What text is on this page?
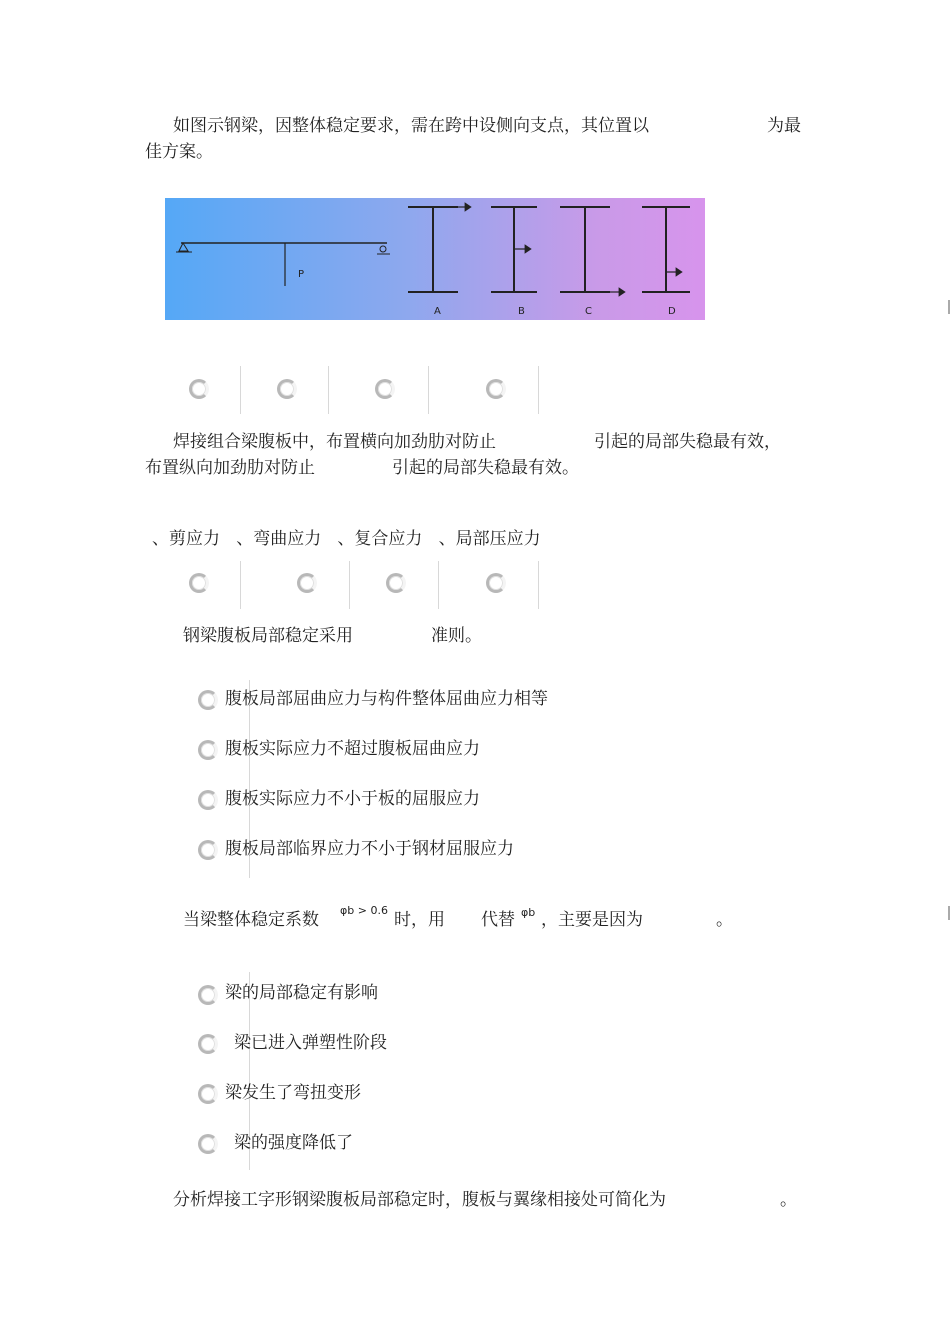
如图示钢梁，因整体稳定要求，需在跨中设侧向支点，其位置以	为最
佳方案。
P
A	B	C	D
焊接组合梁腹板中，布置横向加劲肋对防止	引起的局部失稳最有效，
布置纵向加劲肋对防止	引起的局部失稳最有效。
、剪应力   、弯曲应力   、复合应力   、局部压应力
钢梁腹板局部稳定采用	准则。
腹板局部屈曲应力与构件整体屈曲应力相等
腹板实际应力不超过腹板屈曲应力
腹板实际应力不小于板的屈服应力
腹板局部临界应力不小于钢材屈服应力
当梁整体稳定系数 φb > 0.6 时，用 代替 φb ，主要是因为	。
梁的局部稳定有影响
梁已进入弹塑性阶段
梁发生了弯扭变形
梁的强度降低了
分析焊接工字形钢梁腹板局部稳定时，腹板与翼缘相接处可简化为	。
